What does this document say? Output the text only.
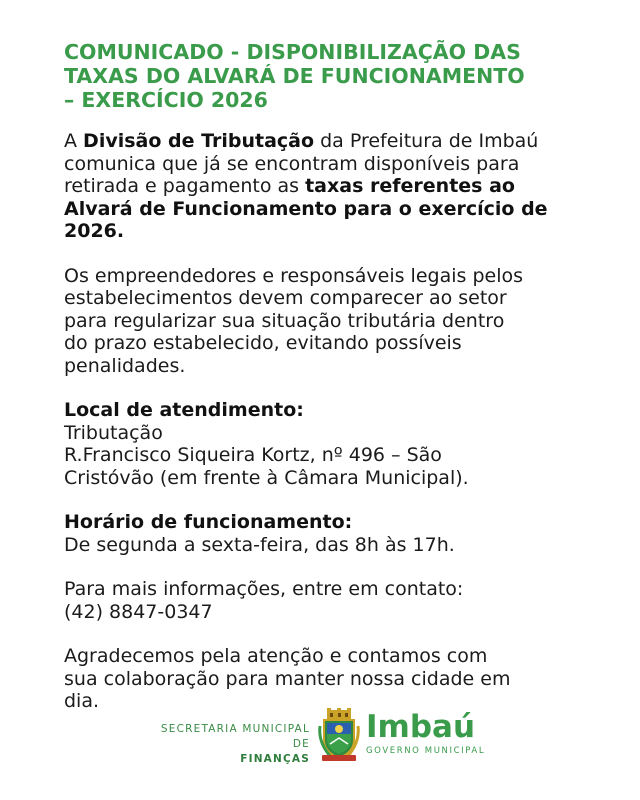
COMUNICADO - DISPONIBILIZAÇÃO DAS
TAXAS DO ALVARÁ DE FUNCIONAMENTO
– EXERCÍCIO 2026

A Divisão de Tributação da Prefeitura de Imbaú
comunica que já se encontram disponíveis para
retirada e pagamento as taxas referentes ao
Alvará de Funcionamento para o exercício de
2026.

Os empreendedores e responsáveis legais pelos
estabelecimentos devem comparecer ao setor
para regularizar sua situação tributária dentro
do prazo estabelecido, evitando possíveis
penalidades.

Local de atendimento:
Tributação
R.Francisco Siqueira Kortz, nº 496 – São
Cristóvão (em frente à Câmara Municipal).

Horário de funcionamento:
De segunda a sexta-feira, das 8h às 17h.

Para mais informações, entre em contato:
(42) 8847-0347

Agradecemos pela atenção e contamos com
sua colaboração para manter nossa cidade em
dia.

SECRETARIA MUNICIPAL
DE
FINANÇAS
Imbaú
GOVERNO MUNICIPAL
